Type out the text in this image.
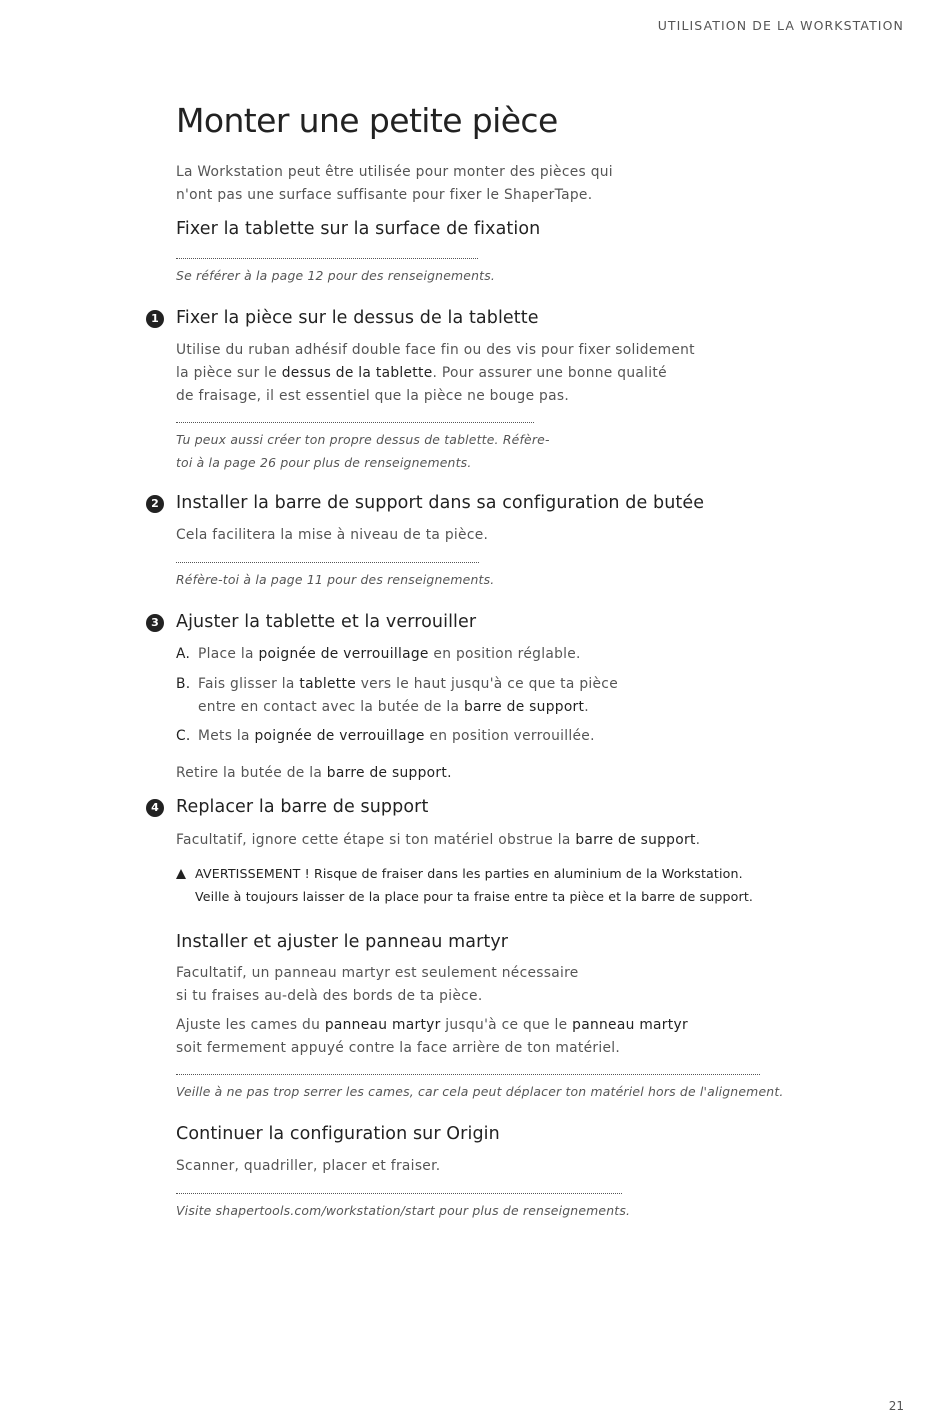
UTILISATION DE LA WORKSTATION
1
2
3
4
Monter une petite pièce
La Workstation peut être utilisée pour monter des pièces qui
n'ont pas une surface suffisante pour fixer le ShaperTape.
Fixer la tablette sur la surface de fixation
Se référer à la page 12 pour des renseignements.
Fixer la pièce sur le dessus de la tablette
Utilise du ruban adhésif double face fin ou des vis pour fixer solidement
la pièce sur le dessus de la tablette. Pour assurer une bonne qualité
de fraisage, il est essentiel que la pièce ne bouge pas.
Tu peux aussi créer ton propre dessus de tablette. Réfère-
toi à la page 26 pour plus de renseignements.
Installer la barre de support dans sa configuration de butée
Cela facilitera la mise à niveau de ta pièce.
Réfère-toi à la page 11 pour des renseignements.
Ajuster la tablette et la verrouiller
A. Place la poignée de verrouillage en position réglable.
B. Fais glisser la tablette vers le haut jusqu'à ce que ta pièce
entre en contact avec la butée de la barre de support.
C. Mets la poignée de verrouillage en position verrouillée.
Retire la butée de la barre de support.
Replacer la barre de support
Facultatif, ignore cette étape si ton matériel obstrue la barre de support.
AVERTISSEMENT ! Risque de fraiser dans les parties en aluminium de la Workstation.
Veille à toujours laisser de la place pour ta fraise entre ta pièce et la barre de support.
Installer et ajuster le panneau martyr
Facultatif, un panneau martyr est seulement nécessaire
si tu fraises au-delà des bords de ta pièce.
Ajuste les cames du panneau martyr jusqu'à ce que le panneau martyr
soit fermement appuyé contre la face arrière de ton matériel.
Veille à ne pas trop serrer les cames, car cela peut déplacer ton matériel hors de l'alignement.
Continuer la configuration sur Origin
Scanner, quadriller, placer et fraiser.
Visite shapertools.com/workstation/start pour plus de renseignements.
21
